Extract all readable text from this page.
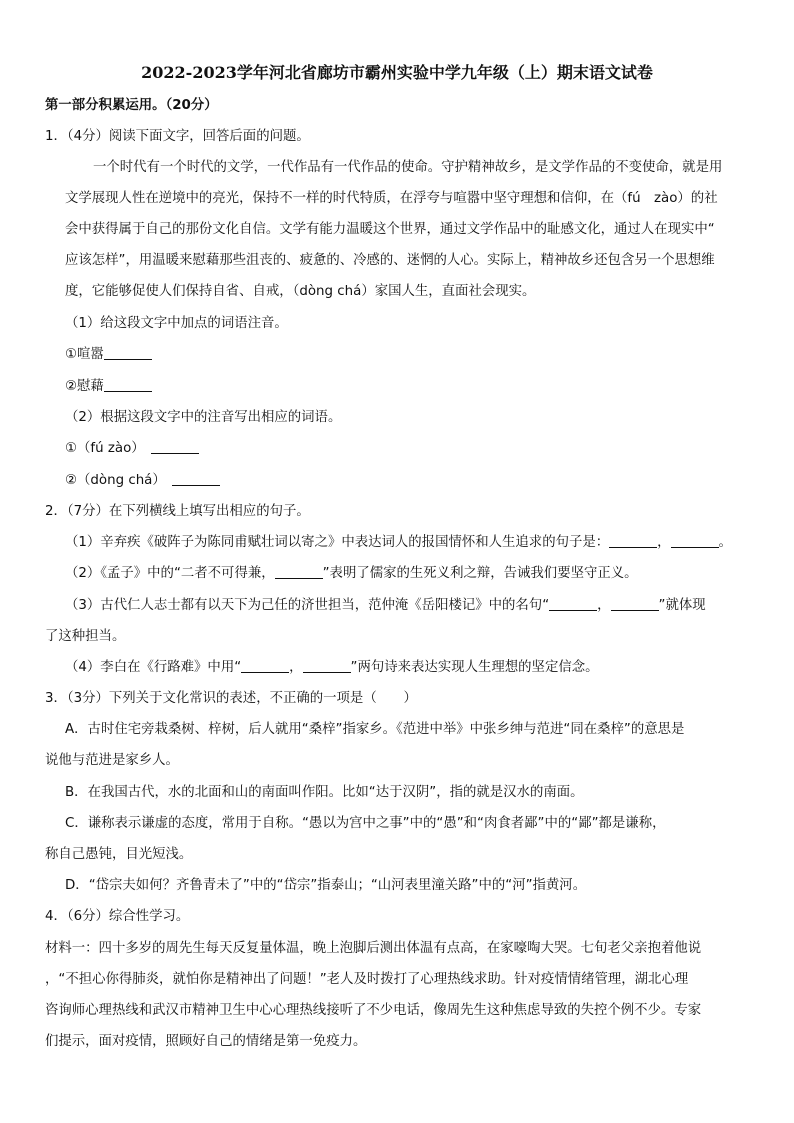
2022-2023学年河北省廊坊市霸州实验中学九年级（上）期末语文试卷
第一部分积累运用。（20分）
1．（4分）阅读下面文字，回答后面的问题。
一个时代有一个时代的文学，一代作品有一代作品的使命。守护精神故乡，是文学作品的不变使命，就是用
文学展现人性在逆境中的亮光，保持不一样的时代特质，在浮夸与喧嚣中坚守理想和信仰，在（fú　zào）的社
会中获得属于自己的那份文化自信。文学有能力温暖这个世界，通过文学作品中的耻感文化，通过人在现实中“
应该怎样”，用温暖来慰藉那些沮丧的、疲惫的、冷感的、迷惘的人心。实际上，精神故乡还包含另一个思想维
度，它能够促使人们保持自省、自戒，（dòng chá）家国人生，直面社会现实。
（1）给这段文字中加点的词语注音。
①喧嚣
②慰藉
（2）根据这段文字中的注音写出相应的词语。
①（fú zào）　
②（dòng chá）　
2．（7分）在下列横线上填写出相应的句子。
（1）辛弃疾《破阵子为陈同甫赋壮词以寄之》中表达词人的报国情怀和人生追求的句子是：	，	。
（2）《孟子》中的“二者不可得兼，	”表明了儒家的生死义利之辩，告诫我们要坚守正义。
（3）古代仁人志士都有以天下为己任的济世担当，范仲淹《岳阳楼记》中的名句“	，	”就体现
了这种担当。
（4）李白在《行路难》中用“	，	”两句诗来表达实现人生理想的坚定信念。
3．（3分）下列关于文化常识的表述，不正确的一项是（　　）
A．古时住宅旁栽桑树、梓树，后人就用“桑梓”指家乡。《范进中举》中张乡绅与范进“同在桑梓”的意思是
说他与范进是家乡人。
B．在我国古代，水的北面和山的南面叫作阳。比如“达于汉阴”，指的就是汉水的南面。
C．谦称表示谦虚的态度，常用于自称。“愚以为宫中之事”中的“愚”和“肉食者鄙”中的“鄙”都是谦称，
称自己愚钝，目光短浅。
D．“岱宗夫如何？齐鲁青未了”中的“岱宗”指泰山；“山河表里潼关路”中的“河”指黄河。
4．（6分）综合性学习。
材料一：四十多岁的周先生每天反复量体温，晚上泡脚后测出体温有点高，在家嚎啕大哭。七旬老父亲抱着他说
，“不担心你得肺炎，就怕你是精神出了问题！”老人及时拨打了心理热线求助。针对疫情情绪管理，湖北心理
咨询师心理热线和武汉市精神卫生中心心理热线接听了不少电话，像周先生这种焦虑导致的失控个例不少。专家
们提示，面对疫情，照顾好自己的情绪是第一免疫力。
